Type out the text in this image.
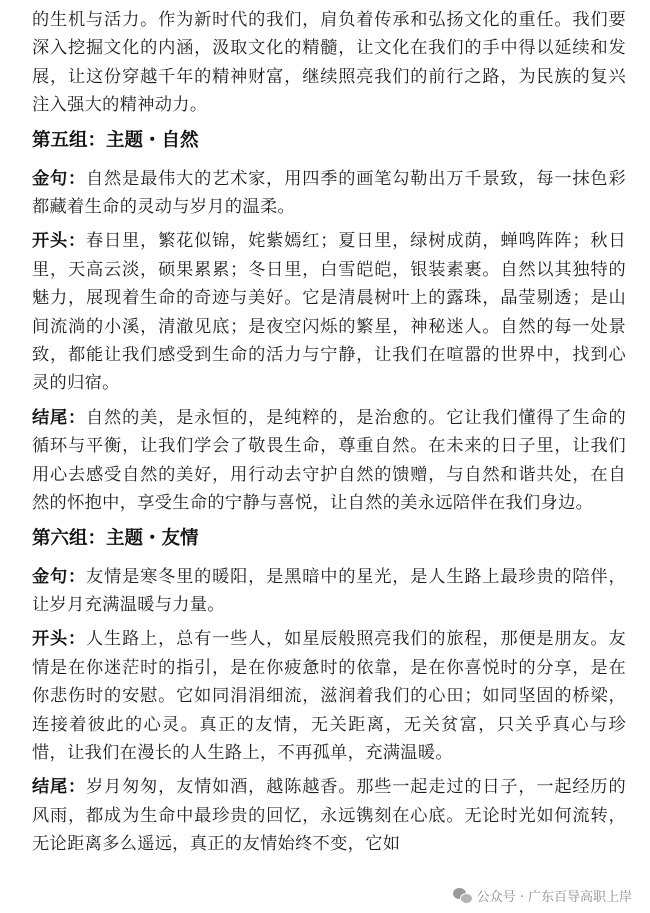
的生机与活力。作为新时代的我们，肩负着传承和弘扬文化的重任。我们要深入挖掘文化的内涵，汲取文化的精髓，让文化在我们的手中得以延续和发展，让这份穿越千年的精神财富，继续照亮我们的前行之路，为民族的复兴注入强大的精神动力。

第五组：主题・自然

金句：自然是最伟大的艺术家，用四季的画笔勾勒出万千景致，每一抹色彩都藏着生命的灵动与岁月的温柔。

开头：春日里，繁花似锦，姹紫嫣红；夏日里，绿树成荫，蝉鸣阵阵；秋日里，天高云淡，硕果累累；冬日里，白雪皑皑，银装素裹。自然以其独特的魅力，展现着生命的奇迹与美好。它是清晨树叶上的露珠，晶莹剔透；是山间流淌的小溪，清澈见底；是夜空闪烁的繁星，神秘迷人。自然的每一处景致，都能让我们感受到生命的活力与宁静，让我们在喧嚣的世界中，找到心灵的归宿。

结尾：自然的美，是永恒的，是纯粹的，是治愈的。它让我们懂得了生命的循环与平衡，让我们学会了敬畏生命，尊重自然。在未来的日子里，让我们用心去感受自然的美好，用行动去守护自然的馈赠，与自然和谐共处，在自然的怀抱中，享受生命的宁静与喜悦，让自然的美永远陪伴在我们身边。

第六组：主题・友情

金句：友情是寒冬里的暖阳，是黑暗中的星光，是人生路上最珍贵的陪伴，让岁月充满温暖与力量。

开头：人生路上，总有一些人，如星辰般照亮我们的旅程，那便是朋友。友情是在你迷茫时的指引，是在你疲惫时的依靠，是在你喜悦时的分享，是在你悲伤时的安慰。它如同涓涓细流，滋润着我们的心田；如同坚固的桥梁，连接着彼此的心灵。真正的友情，无关距离，无关贫富，只关乎真心与珍惜，让我们在漫长的人生路上，不再孤单，充满温暖。

结尾：岁月匆匆，友情如酒，越陈越香。那些一起走过的日子，一起经历的风雨，都成为生命中最珍贵的回忆，永远镌刻在心底。无论时光如何流转，无论距离多么遥远，真正的友情始终不变，它如

公众号 · 广东百导高职上岸
